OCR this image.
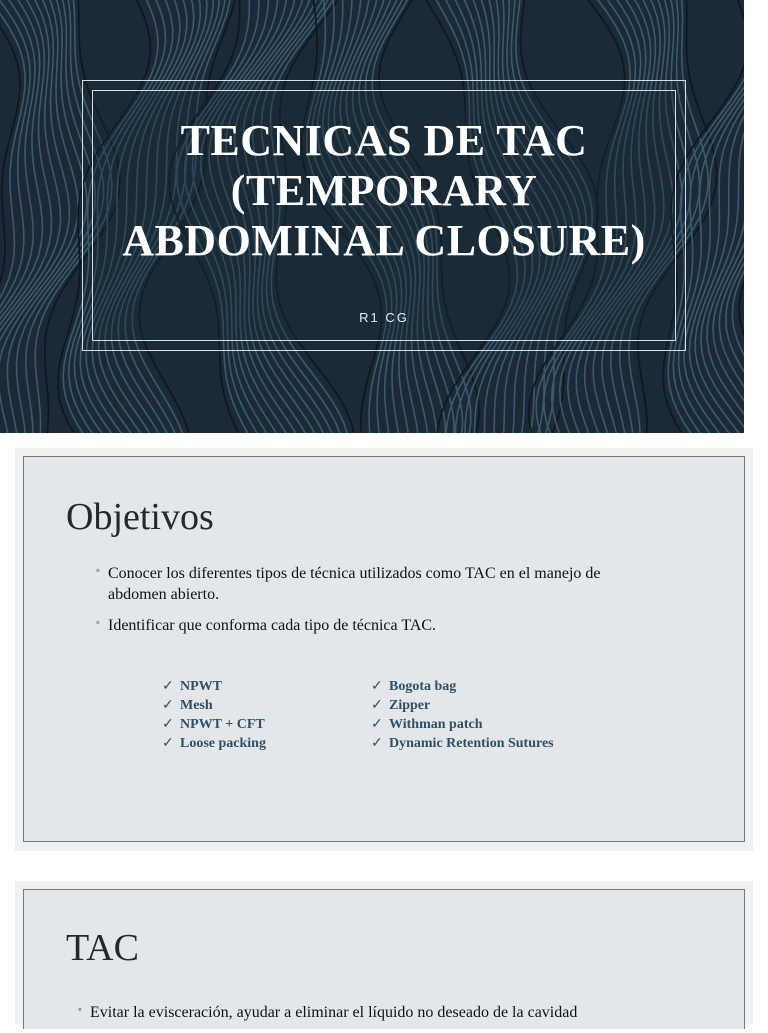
TECNICAS DE TAC
(TEMPORARY
ABDOMINAL CLOSURE)
R1 CG
Objetivos
◦ Conocer los diferentes tipos de técnica utilizados como TAC en el manejo de abdomen abierto.
◦ Identificar que conforma cada tipo de técnica TAC.
✓ NPWT
✓ Mesh
✓ NPWT + CFT
✓ Loose packing
✓ Bogota bag
✓ Zipper
✓ Withman patch
✓ Dynamic Retention Sutures
TAC
◦ Evitar la evisceración, ayudar a eliminar el líquido no deseado de la cavidad
